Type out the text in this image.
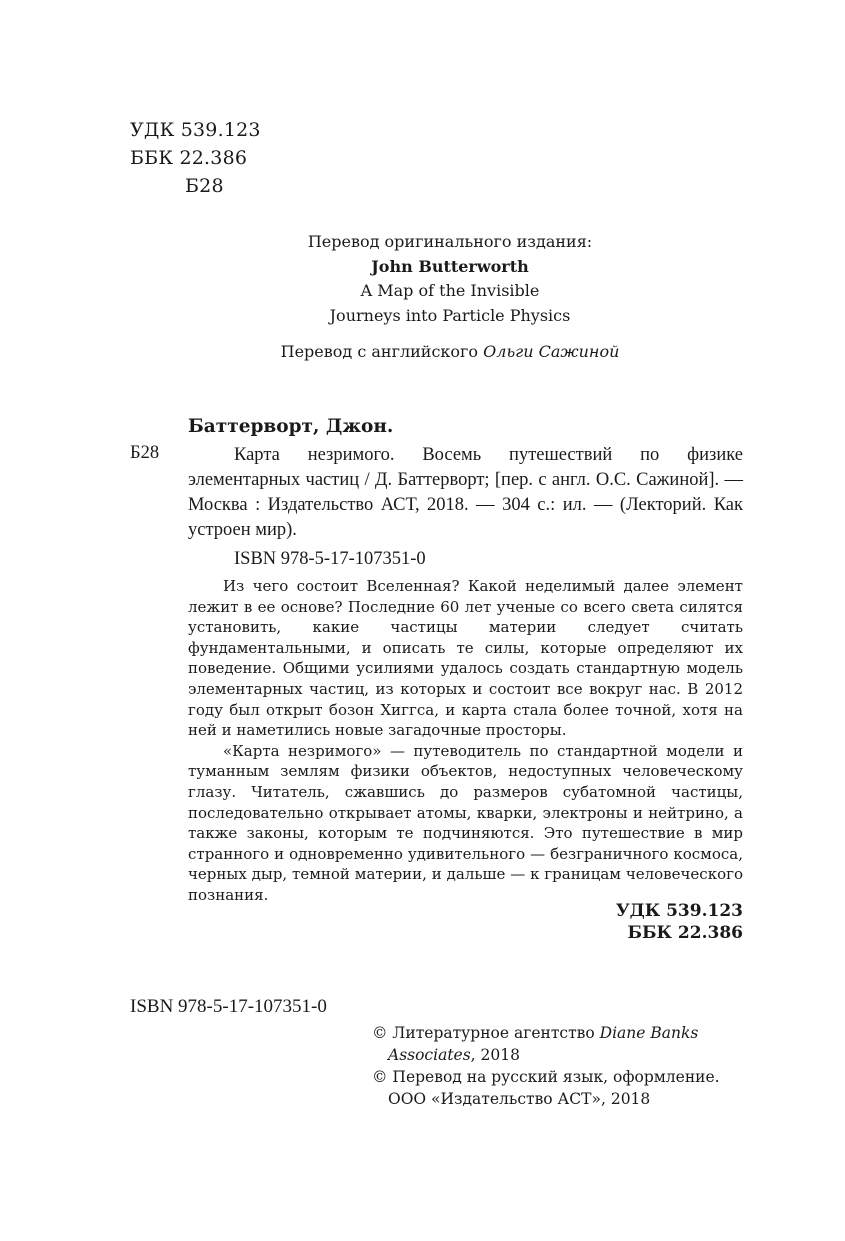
УДК 539.123
ББК 22.386
Б28
Перевод оригинального издания:
John Butterworth
A Map of the Invisible
Journeys into Particle Physics
Перевод с английского Ольги Сажиной
Баттерворт, Джон.
Б28	Карта незримого. Восемь путешествий по физике элементарных частиц / Д. Баттерворт; [пер. с англ. О.С. Сажиной]. — Москва : Издательство АСТ, 2018. — 304 с.: ил. — (Лекторий. Как устроен мир).

ISBN 978-5-17-107351-0

Из чего состоит Вселенная? Какой неделимый далее элемент лежит в ее основе? Последние 60 лет ученые со всего света силятся установить, какие частицы материи следует считать фундаментальными, и описать те силы, которые определяют их поведение. Общими усилиями удалось создать стандартную модель элементарных частиц, из которых и состоит все вокруг нас. В 2012 году был открыт бозон Хиггса, и карта стала более точной, хотя на ней и наметились новые загадочные просторы.

«Карта незримого» — путеводитель по стандартной модели и туманным землям физики объектов, недоступных человеческому глазу. Читатель, сжавшись до размеров субатомной частицы, последовательно открывает атомы, кварки, электроны и нейтрино, а также законы, которым те подчиняются. Это путешествие в мир странного и одновременно удивительного — безграничного космоса, черных дыр, темной материи, и дальше — к границам человеческого познания.

УДК 539.123
ББК 22.386
ISBN 978-5-17-107351-0
© Литературное агентство Diane Banks Associates, 2018
© Перевод на русский язык, оформление. ООО «Издательство АСТ», 2018
